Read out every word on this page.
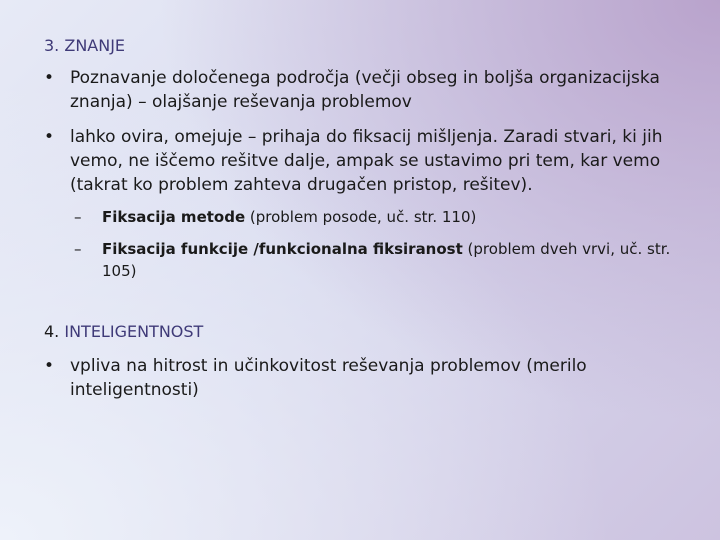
3. ZNANJE
• Poznavanje določenega področja (večji obseg in boljša organizacijska znanja) – olajšanje reševanja problemov
• lahko ovira, omejuje – prihaja do fiksacij mišljenja. Zaradi stvari, ki jih vemo, ne iščemo rešitve dalje, ampak se ustavimo pri tem, kar vemo (takrat ko problem zahteva drugačen pristop, rešitev).
–	Fiksacija metode (problem posode, uč. str. 110)
–	Fiksacija funkcije /funkcionalna fiksiranost (problem dveh vrvi, uč. str. 105)
4. INTELIGENTNOST
• vpliva na hitrost in učinkovitost reševanja problemov (merilo inteligentnosti)
